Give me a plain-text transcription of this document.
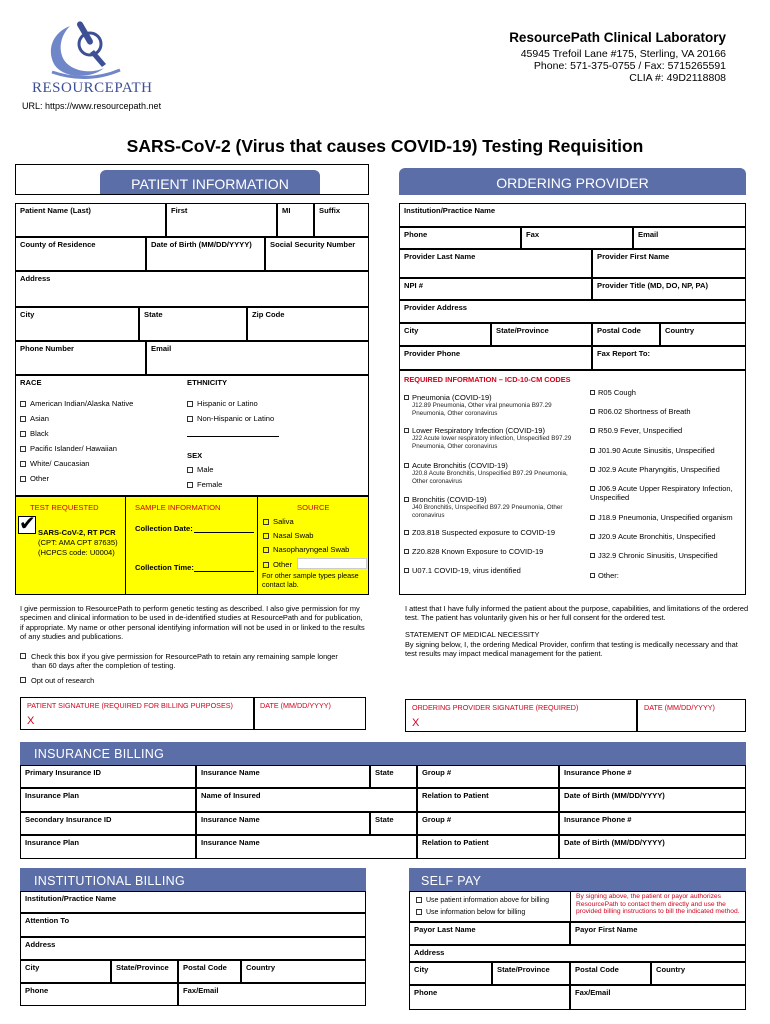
RESOURCEPATH
URL: https://www.resourcepath.net
ResourcePath Clinical Laboratory
45945 Trefoil Lane #175, Sterling, VA 20166
Phone: 571-375-0755 / Fax: 5715265591
CLIA #: 49D2118808
SARS-CoV-2 (Virus that causes COVID-19) Testing Requisition
PATIENT INFORMATION
Patient Name (Last)	First	MI	Suffix
County of Residence	Date of Birth (MM/DD/YYYY)	Social Security Number
Address
City	State	Zip Code
Phone Number	Email
RACE	ETHNICITY
American Indian/Alaska Native
Asian
Black
Pacific Islander/ Hawaiian
White/ Caucasian
Other
Hispanic or Latino
Non-Hispanic or Latino
SEX
Male
Female
TEST REQUESTED	SAMPLE INFORMATION	SOURCE
✔ SARS-CoV-2, RT PCR
(CPT: AMA CPT 87635)
(HCPCS code: U0004)
Collection Date:
Collection Time:
Saliva
Nasal Swab
Nasopharyngeal Swab
Other
For other sample types please contact lab.
ORDERING PROVIDER
Institution/Practice Name
Phone	Fax	Email
Provider Last Name	Provider First Name
NPI #	Provider Title (MD, DO, NP, PA)
Provider Address
City	State/Province	Postal Code	Country
Provider Phone	Fax Report To:
REQUIRED INFORMATION – ICD-10-CM CODES
Pneumonia (COVID-19)
J12.89 Pneumonia, Other viral pneumonia B97.29 Pneumonia, Other coronavirus
Lower Respiratory Infection (COVID-19)
J22 Acute lower respiratory infection, Unspecified B97.29 Pneumonia, Other coronavirus
Acute Bronchitis (COVID-19)
J20.8 Acute Bronchitis, Unspecified B97.29 Pneumonia, Other coronavirus
Bronchitis (COVID-19)
J40 Bronchitis, Unspecified B97.29 Pneumonia, Other coronavirus
Z03.818 Suspected exposure to COVID-19
Z20.828 Known Exposure to COVID-19
U07.1 COVID-19, virus identified
R05 Cough
R06.02 Shortness of Breath
R50.9 Fever, Unspecified
J01.90 Acute Sinusitis, Unspecified
J02.9 Acute Pharyngitis, Unspecified
J06.9 Acute Upper Respiratory Infection, Unspecified
J18.9 Pneumonia, Unspecified organism
J20.9 Acute Bronchitis, Unspecified
J32.9 Chronic Sinusitis, Unspecified
Other:
I give permission to ResourcePath to perform genetic testing as described. I also give permission for my specimen and clinical information to be used in de-identified studies at ResourcePath and for publication, if appropriate. My name or other personal identifying information will not be used in or linked to the results of any studies and publications.
Check this box if you give permission for ResourcePath to retain any remaining sample longer than 60 days after the completion of testing.
Opt out of research
PATIENT SIGNATURE (REQUIRED FOR BILLING PURPOSES)
X
DATE (MM/DD/YYYY)
I attest that I have fully informed the patient about the purpose, capabilities, and limitations of the ordered test. The patient has voluntarily given his or her full consent for the ordered test.
STATEMENT OF MEDICAL NECESSITY
By signing below, I, the ordering Medical Provider, confirm that testing is medically necessary and that test results may impact medical management for the patient.
ORDERING PROVIDER SIGNATURE (REQUIRED)
X
DATE (MM/DD/YYYY)
INSURANCE BILLING
Primary Insurance ID	Insurance Name	State	Group #	Insurance Phone #
Insurance Plan	Name of Insured	Relation to Patient	Date of Birth (MM/DD/YYYY)
Secondary Insurance ID	Insurance Name	State	Group #	Insurance Phone #
Insurance Plan	Insurance Name	Relation to Patient	Date of Birth (MM/DD/YYYY)
INSTITUTIONAL BILLING
Institution/Practice Name
Attention To
Address
City	State/Province	Postal Code	Country
Phone	Fax/Email
SELF PAY
Use patient information above for billing
Use information below for billing
By signing above, the patient or payor authorizes ResourcePath to contact them directly and use the provided billing instructions to bill the indicated method.
Payor Last Name	Payor First Name
Address
City	State/Province	Postal Code	Country
Phone	Fax/Email
